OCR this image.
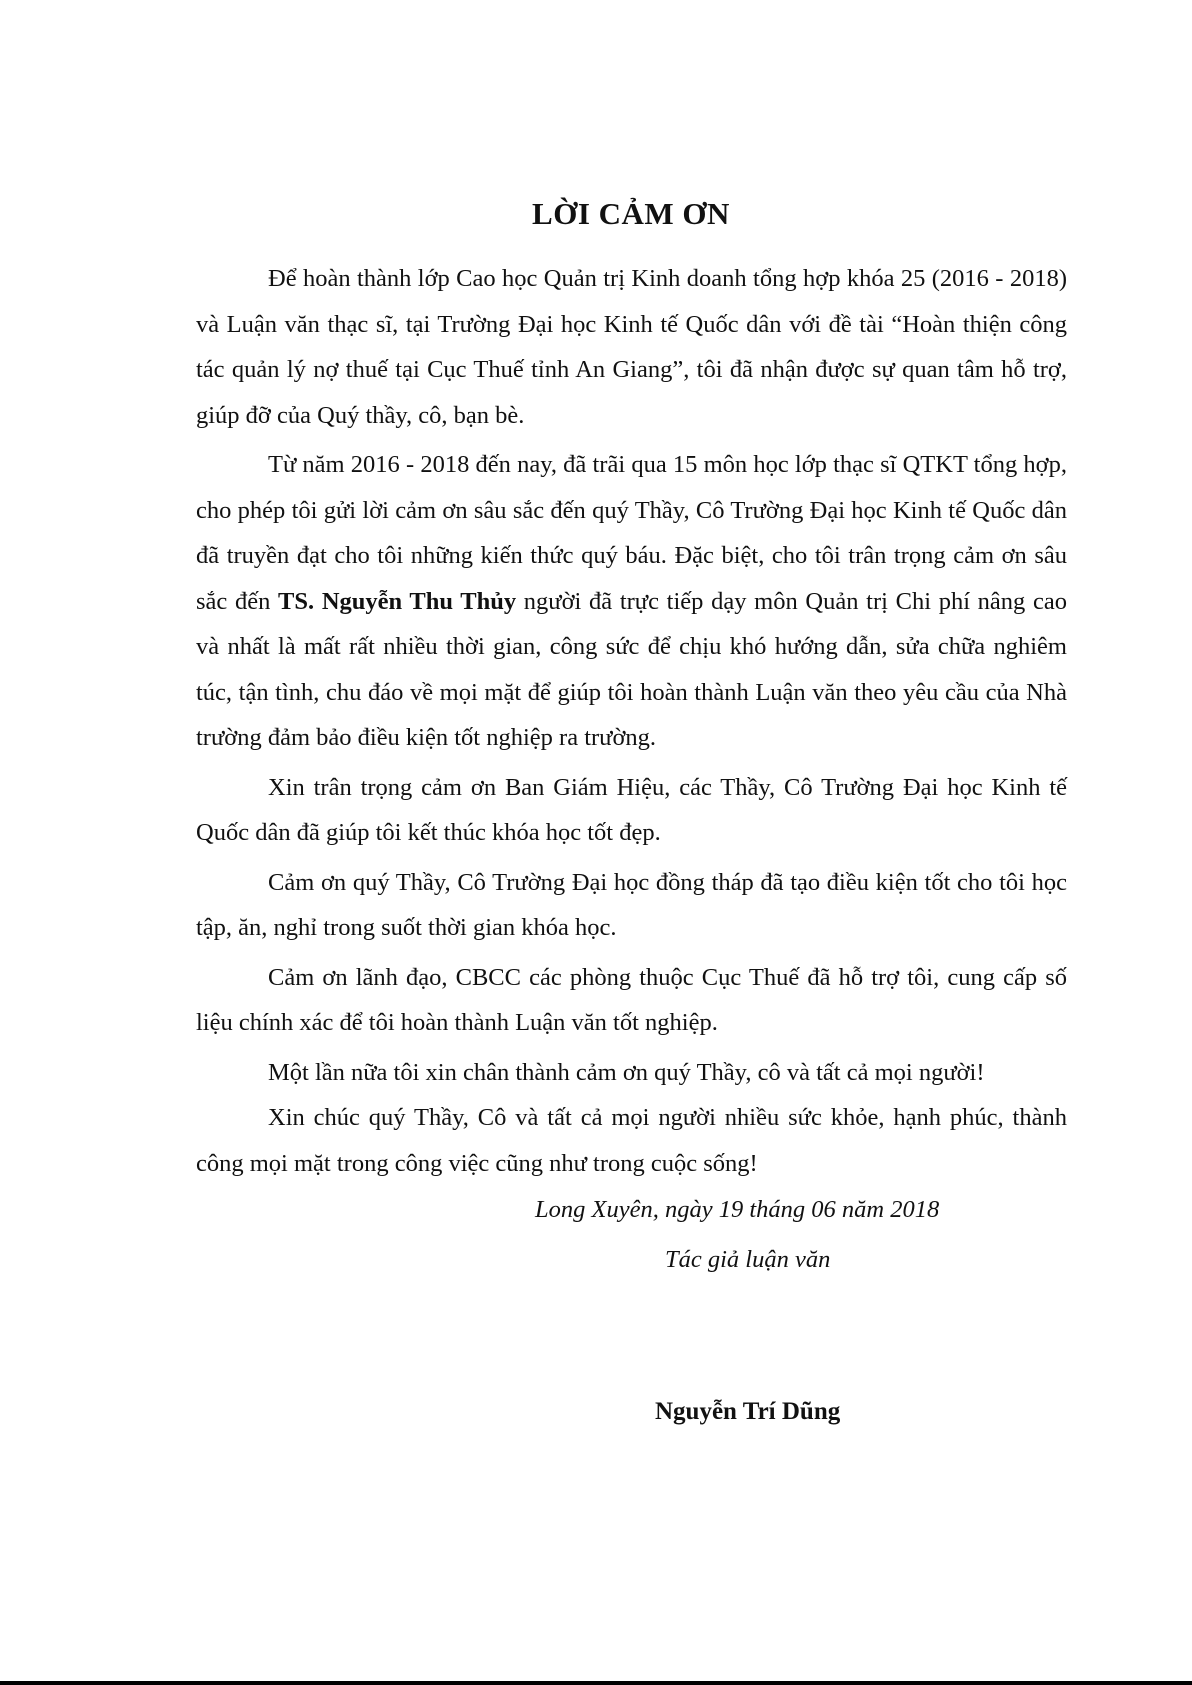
LỜI CẢM ƠN

Để hoàn thành lớp Cao học Quản trị Kinh doanh tổng hợp khóa 25 (2016 - 2018) và Luận văn thạc sĩ, tại Trường Đại học Kinh tế Quốc dân với đề tài “Hoàn thiện công tác quản lý nợ thuế tại Cục Thuế tỉnh An Giang”, tôi đã nhận được sự quan tâm hỗ trợ, giúp đỡ của Quý thầy, cô, bạn bè.

Từ năm 2016 - 2018 đến nay, đã trãi qua 15 môn học lớp thạc sĩ QTKT tổng hợp, cho phép tôi gửi lời cảm ơn sâu sắc đến quý Thầy, Cô Trường Đại học Kinh tế Quốc dân đã truyền đạt cho tôi những kiến thức quý báu. Đặc biệt, cho tôi trân trọng cảm ơn sâu sắc đến TS. Nguyễn Thu Thủy người đã trực tiếp dạy môn Quản trị Chi phí nâng cao và nhất là mất rất nhiều thời gian, công sức để chịu khó hướng dẫn, sửa chữa nghiêm túc, tận tình, chu đáo về mọi mặt để giúp tôi hoàn thành Luận văn theo yêu cầu của Nhà trường đảm bảo điều kiện tốt nghiệp ra trường.

Xin trân trọng cảm ơn Ban Giám Hiệu, các Thầy, Cô Trường Đại học Kinh tế Quốc dân đã giúp tôi kết thúc khóa học tốt đẹp.

Cảm ơn quý Thầy, Cô Trường Đại học đồng tháp đã tạo điều kiện tốt cho tôi học tập, ăn, nghỉ trong suốt thời gian khóa học.

Cảm ơn lãnh đạo, CBCC các phòng thuộc Cục Thuế đã hỗ trợ tôi, cung cấp số liệu chính xác để tôi hoàn thành Luận văn tốt nghiệp.

Một lần nữa tôi xin chân thành cảm ơn quý Thầy, cô và tất cả mọi người!

Xin chúc quý Thầy, Cô và tất cả mọi người nhiều sức khỏe, hạnh phúc, thành công mọi mặt trong công việc cũng như trong cuộc sống!

Long Xuyên, ngày 19 tháng 06 năm 2018
Tác giả luận văn
Nguyễn Trí Dũng
